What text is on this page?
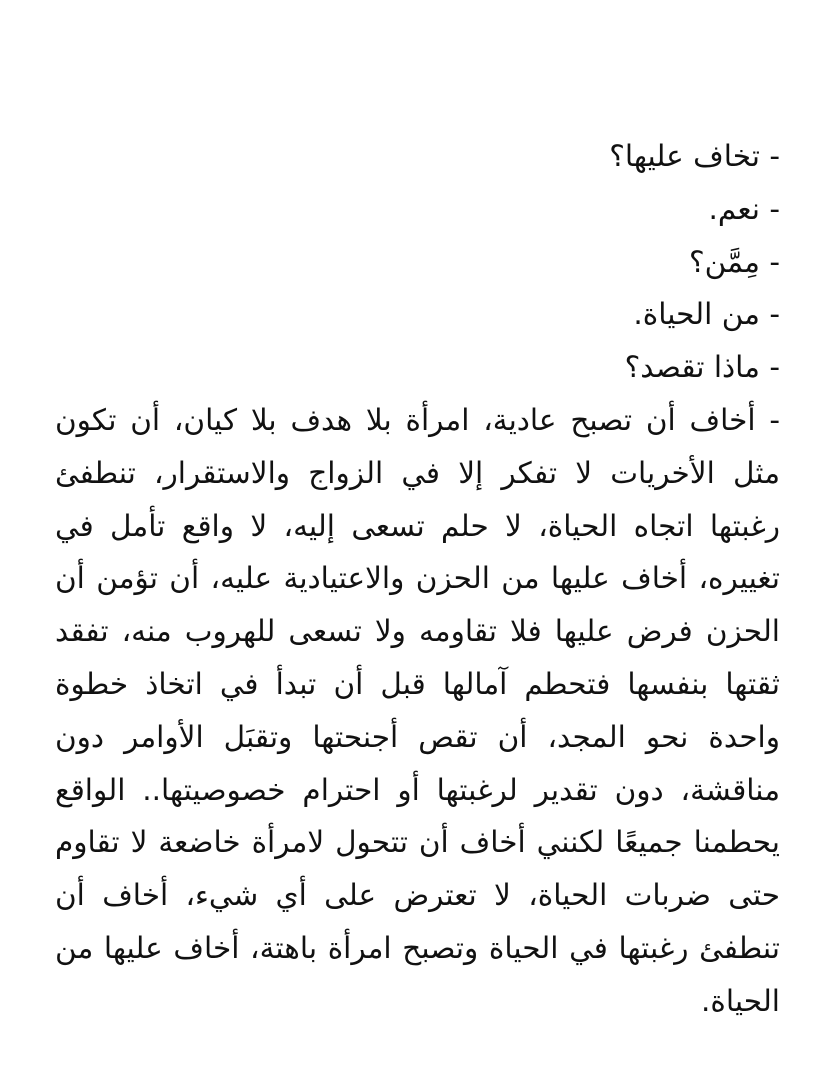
- تخاف عليها؟

- نعم.

- مِمَّن؟

- من الحياة.

- ماذا تقصد؟

- أخاف أن تصبح عادية، امرأة بلا هدف بلا كيان، أن تكون مثل الأخريات لا تفكر إلا في الزواج والاستقرار، تنطفئ رغبتها اتجاه الحياة، لا حلم تسعى إليه، لا واقع تأمل في تغييره، أخاف عليها من الحزن والاعتيادية عليه، أن تؤمن أن الحزن فرض عليها فلا تقاومه ولا تسعى للهروب منه، تفقد ثقتها بنفسها فتحطم آمالها قبل أن تبدأ في اتخاذ خطوة واحدة نحو المجد، أن تقص أجنحتها وتقبَل الأوامر دون مناقشة، دون تقدير لرغبتها أو احترام خصوصيتها.. الواقع يحطمنا جميعًا لكنني أخاف أن تتحول لامرأة خاضعة لا تقاوم حتى ضربات الحياة، لا تعترض على أي شيء، أخاف أن تنطفئ رغبتها في الحياة وتصبح امرأة باهتة، أخاف عليها من الحياة.
